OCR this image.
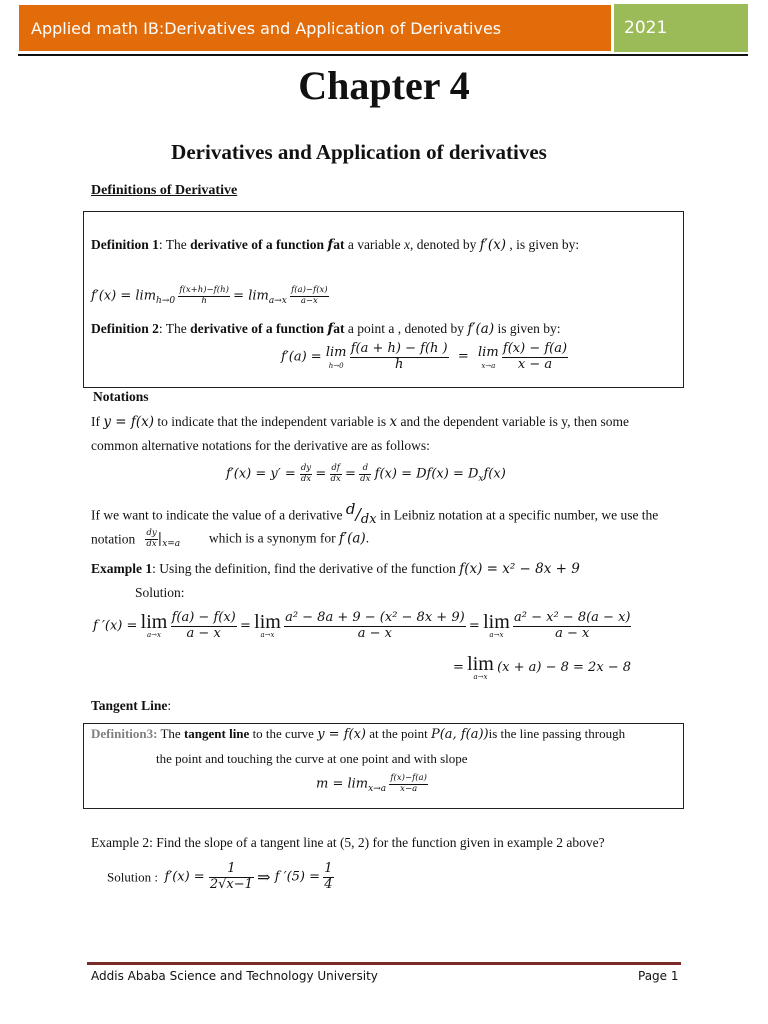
Applied math IB:Derivatives and Application of Derivatives	2021
Chapter 4
Derivatives and Application of derivatives
Definitions of Derivative
Definition 1: The derivative of a function fat a variable x, denoted by f′(x) , is given by:
$f'(x) = \lim_{h\to 0} \frac{f(x+h)-f(h)}{h} = \lim_{a\to x} \frac{f(a)-f(x)}{a-x}$
Definition 2: The derivative of a function fat a point a , denoted by f′(a) is given by:
f′(a) = lim
h→0
$\frac{f(a + h) - f(h )}{h} = \lim$
x→a
$\frac{f(x) - f(a)}{x - a}$
Notations
If y = f(x) to indicate that the independent variable is x and the dependent variable is y, then some
common alternative notations for the derivative are as follows:
$f'(x) = y' = \frac{dy}{dx} = \frac{df}{dx} = \frac{d}{dx} f(x) = Df(x) = D_xf(x)$
If we want to indicate the value of a derivative $^d/_{dx}$ in Leibniz notation at a specific number, we use the
notation $\frac{dy}{dx} |_{x=a}$ which is a synonym for f′(a).
Example 1: Using the definition, find the derivative of the function f(x) = x² − 8x + 9
Solution:
f ′(x) = lim
a→x
$\frac{f(a) - f(x)}{a - x} = \lim$
a→x
$\frac{\text{a² − 8a + 9 − (x² − 8x + 9)}}{a - x} = \lim$
a→x
$\frac{\text{a² − x² − 8(a − x)}}{a - x}$
= lim
a→x
(x + a) − 8 = 2x − 8
Tangent Line:
Definition3: The tangent line to the curve y = f(x) at the point P(a, f(a))is the line passing through
the point and touching the curve at one point and with slope
$m = \lim_{x\to a} \frac{f(x)-f(a)}{x-a}$
Example 2: Find the slope of a tangent line at (5, 2) for the function given in example 2 above?
Solution : $f'(x) = \frac{1}{2√x-1}$ ⇒ f $'(5) = \frac{1}{4}$
Addis Ababa Science and Technology University	Page 1
